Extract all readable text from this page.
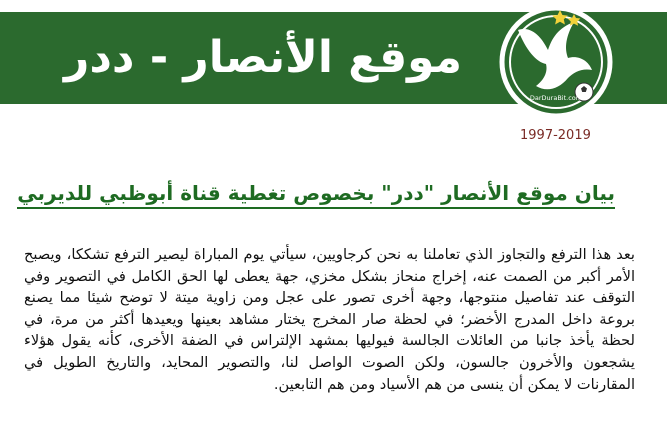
موقع الأنصار - ددر
DarDuraBit.com
1997-2019
بيان موقع الأنصار "ددر" بخصوص تغطية قناة أبوظبي للديربي

بعد هذا الترفع والتجاوز الذي تعاملنا به نحن كرجاويين، سيأتي يوم المباراة ليصير الترفع تشككا، ويصبح الأمر أكبر من الصمت عنه، إخراج منحاز بشكل مخزي، جهة يعطى لها الحق الكامل في التصوير وفي التوقف عند تفاصيل منتوجها، وجهة أخرى تصور على عجل ومن زاوية ميتة لا توضح شيئا مما يصنع بروعة داخل المدرج الأخضر؛ في لحظة صار المخرج يختار مشاهد بعينها ويعيدها أكثر من مرة، في لحظة يأخذ جانبا من العائلات الجالسة فيوليها بمشهد الإلتراس في الضفة الأخرى، كأنه يقول هؤلاء يشجعون والأخرون جالسون، ولكن الصوت الواصل لنا، والتصوير المحايد، والتاريخ الطويل في المقارنات لا يمكن أن ينسى من هم الأسياد ومن هم التابعين.
